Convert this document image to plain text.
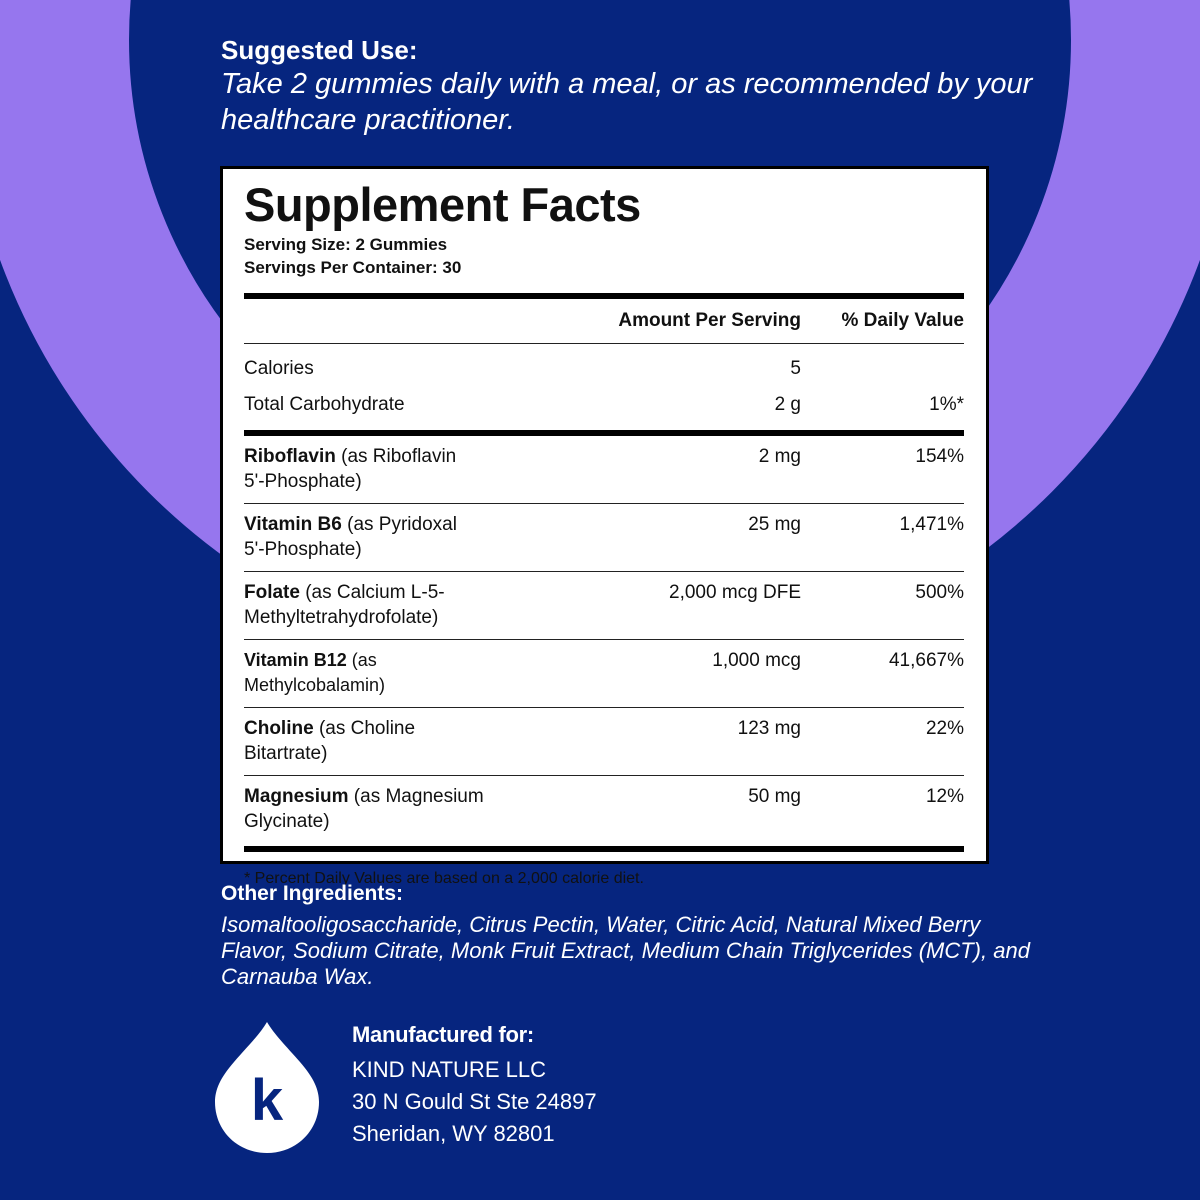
Suggested Use:
Take 2 gummies daily with a meal, or as recommended by your healthcare practitioner.
Supplement Facts
Serving Size: 2 Gummies
Servings Per Container: 30
Amount Per Serving	% Daily Value
Calories	5
Total Carbohydrate	2 g	1%*
Riboflavin (as Riboflavin
5'-Phosphate)
2 mg	154%
Vitamin B6 (as Pyridoxal
5'-Phosphate)
25 mg	1,471%
Folate (as Calcium L-5-
Methyltetrahydrofolate)
2,000 mcg DFE	500%
Vitamin B12 (as Methylcobalamin)
1,000 mcg	41,667%
Choline (as Choline Bitartrate)
123 mg	22%
Magnesium (as Magnesium
Glycinate)
50 mg	12%
* Percent Daily Values are based on a 2,000 calorie diet.
Other Ingredients:
Isomaltooligosaccharide, Citrus Pectin, Water, Citric Acid, Natural Mixed Berry Flavor, Sodium Citrate, Monk Fruit Extract, Medium Chain Triglycerides (MCT), and Carnauba Wax.
k
Manufactured for:
KIND NATURE LLC
30 N Gould St Ste 24897
Sheridan, WY 82801
